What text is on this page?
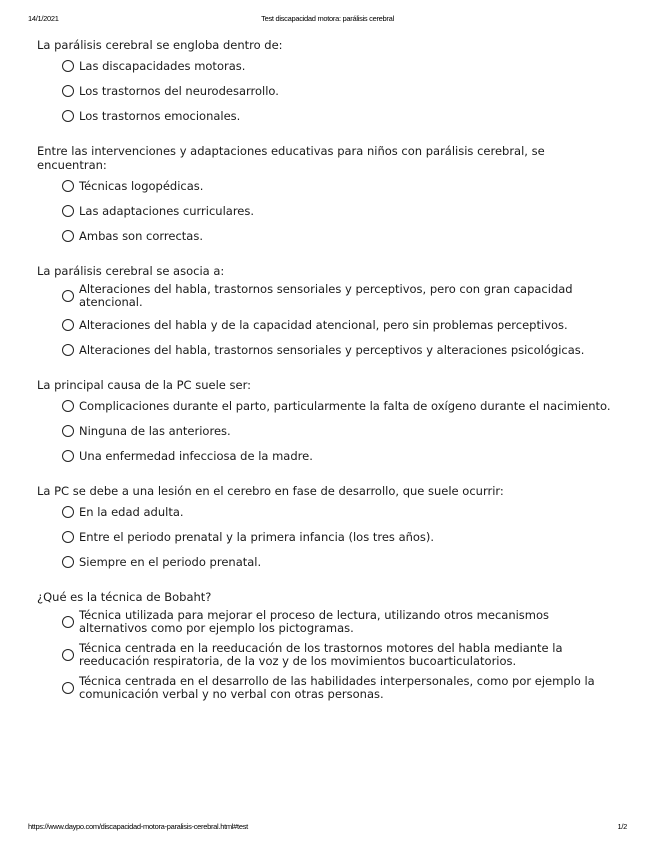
14/1/2021	Test discapacidad motora: parálisis cerebral

La parálisis cerebral se engloba dentro de:

Las discapacidades motoras.
Los trastornos del neurodesarrollo.
Los trastornos emocionales.

Entre las intervenciones y adaptaciones educativas para niños con parálisis cerebral, se encuentran:

Técnicas logopédicas.
Las adaptaciones curriculares.
Ambas son correctas.

La parálisis cerebral se asocia a:

Alteraciones del habla, trastornos sensoriales y perceptivos, pero con gran capacidad atencional.
Alteraciones del habla y de la capacidad atencional, pero sin problemas perceptivos.
Alteraciones del habla, trastornos sensoriales y perceptivos y alteraciones psicológicas.

La principal causa de la PC suele ser:

Complicaciones durante el parto, particularmente la falta de oxígeno durante el nacimiento.
Ninguna de las anteriores.
Una enfermedad infecciosa de la madre.

La PC se debe a una lesión en el cerebro en fase de desarrollo, que suele ocurrir:

En la edad adulta.
Entre el periodo prenatal y la primera infancia (los tres años).
Siempre en el periodo prenatal.

¿Qué es la técnica de Bobaht?

Técnica utilizada para mejorar el proceso de lectura, utilizando otros mecanismos alternativos como por ejemplo los pictogramas.
Técnica centrada en la reeducación de los trastornos motores del habla mediante la reeducación respiratoria, de la voz y de los movimientos bucoarticulatorios.
Técnica centrada en el desarrollo de las habilidades interpersonales, como por ejemplo la comunicación verbal y no verbal con otras personas.
https://www.daypo.com/discapacidad-motora-paralisis-cerebral.html#test	1/2
